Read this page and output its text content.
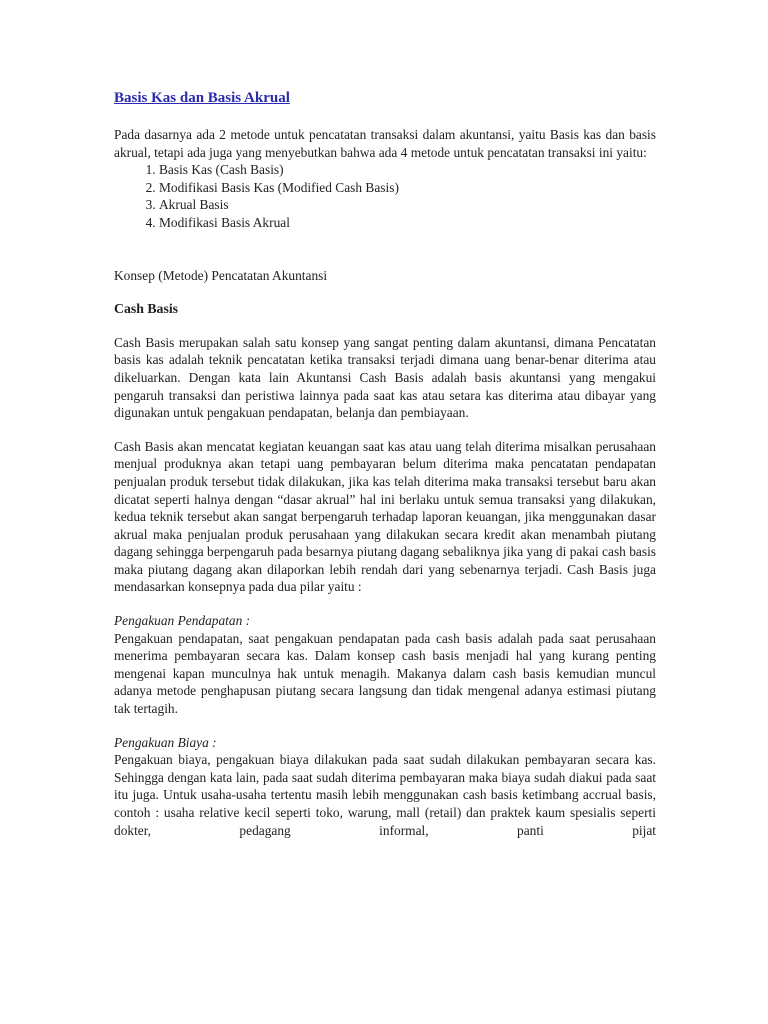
Basis Kas dan Basis Akrual

Pada dasarnya ada 2 metode untuk pencatatan transaksi dalam akuntansi, yaitu Basis kas dan basis akrual, tetapi ada juga yang menyebutkan bahwa ada 4 metode untuk pencatatan transaksi ini yaitu:

1. Basis Kas (Cash Basis)
2. Modifikasi Basis Kas (Modified Cash Basis)
3. Akrual Basis
4. Modifikasi Basis Akrual

Konsep (Metode) Pencatatan Akuntansi

Cash Basis

Cash Basis merupakan salah satu konsep yang sangat penting dalam akuntansi, dimana Pencatatan basis kas adalah teknik pencatatan ketika transaksi terjadi dimana uang benar-benar diterima atau dikeluarkan. Dengan kata lain Akuntansi Cash Basis adalah basis akuntansi yang mengakui pengaruh transaksi dan peristiwa lainnya pada saat kas atau setara kas diterima atau dibayar yang digunakan untuk pengakuan pendapatan, belanja dan pembiayaan.

Cash Basis akan mencatat kegiatan keuangan saat kas atau uang telah diterima misalkan perusahaan menjual produknya akan tetapi uang pembayaran belum diterima maka pencatatan pendapatan penjualan produk tersebut tidak dilakukan, jika kas telah diterima maka transaksi tersebut baru akan dicatat seperti halnya dengan “dasar akrual” hal ini berlaku untuk semua transaksi yang dilakukan, kedua teknik tersebut akan sangat berpengaruh terhadap laporan keuangan, jika menggunakan dasar akrual maka penjualan produk perusahaan yang dilakukan secara kredit akan menambah piutang dagang sehingga berpengaruh pada besarnya piutang dagang sebaliknya jika yang di pakai cash basis maka piutang dagang akan dilaporkan lebih rendah dari yang sebenarnya terjadi. Cash Basis juga mendasarkan konsepnya pada dua pilar yaitu :

Pengakuan Pendapatan :

Pengakuan pendapatan, saat pengakuan pendapatan pada cash basis adalah pada saat perusahaan menerima pembayaran secara kas. Dalam konsep cash basis menjadi hal yang kurang penting mengenai kapan munculnya hak untuk menagih. Makanya dalam cash basis kemudian muncul adanya metode penghapusan piutang secara langsung dan tidak mengenal adanya estimasi piutang tak tertagih.

Pengakuan Biaya :

Pengakuan biaya, pengakuan biaya dilakukan pada saat sudah dilakukan pembayaran secara kas. Sehingga dengan kata lain, pada saat sudah diterima pembayaran maka biaya sudah diakui pada saat itu juga. Untuk usaha-usaha tertentu masih lebih menggunakan cash basis ketimbang accrual basis, contoh : usaha relative kecil seperti toko, warung, mall (retail) dan praktek kaum spesialis seperti dokter, pedagang informal, panti pijat
